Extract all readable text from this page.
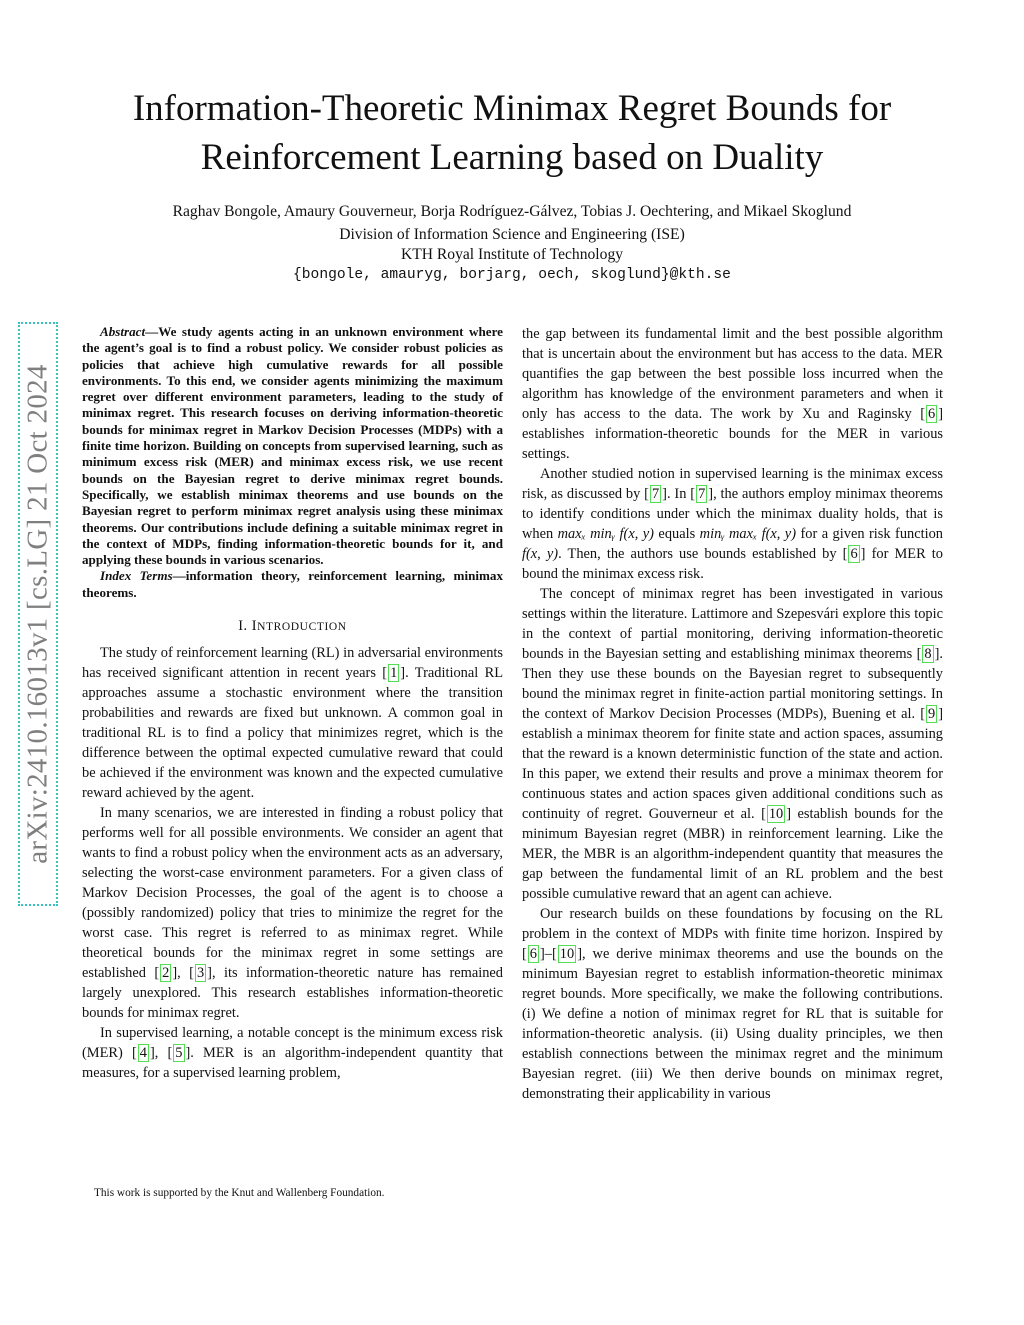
Information-Theoretic Minimax Regret Bounds for Reinforcement Learning based on Duality
Raghav Bongole, Amaury Gouverneur, Borja Rodríguez-Gálvez, Tobias J. Oechtering, and Mikael Skoglund
Division of Information Science and Engineering (ISE)
KTH Royal Institute of Technology
{bongole, amauryg, borjarg, oech, skoglund}@kth.se
arXiv:2410.16013v1 [cs.LG] 21 Oct 2024
Abstract—We study agents acting in an unknown environment where the agent’s goal is to find a robust policy. We consider robust policies as policies that achieve high cumulative rewards for all possible environments. To this end, we consider agents minimizing the maximum regret over different environment parameters, leading to the study of minimax regret. This research focuses on deriving information-theoretic bounds for minimax regret in Markov Decision Processes (MDPs) with a finite time horizon. Building on concepts from supervised learning, such as minimum excess risk (MER) and minimax excess risk, we use recent bounds on the Bayesian regret to derive minimax regret bounds. Specifically, we establish minimax theorems and use bounds on the Bayesian regret to perform minimax regret analysis using these minimax theorems. Our contributions include defining a suitable minimax regret in the context of MDPs, finding information-theoretic bounds for it, and applying these bounds in various scenarios.
Index Terms—information theory, reinforcement learning, minimax theorems.
I. INTRODUCTION

The study of reinforcement learning (RL) in adversarial environments has received significant attention in recent years [ 1 ]. Traditional RL approaches assume a stochastic environment where the transition probabilities and rewards are fixed but unknown. A common goal in traditional RL is to find a policy that minimizes regret, which is the difference between the optimal expected cumulative reward that could be achieved if the environment was known and the expected cumulative reward achieved by the agent.

In many scenarios, we are interested in finding a robust policy that performs well for all possible environments. We consider an agent that wants to find a robust policy when the environment acts as an adversary, selecting the worst-case environment parameters. For a given class of Markov Decision Processes, the goal of the agent is to choose a (possibly randomized) policy that tries to minimize the regret for the worst case. This regret is referred to as minimax regret. While theoretical bounds for the minimax regret in some settings are established [ 2 ], [ 3 ], its information-theoretic nature has remained largely unexplored. This research establishes information-theoretic bounds for minimax regret.

In supervised learning, a notable concept is the minimum excess risk (MER) [ 4 ], [ 5 ]. MER is an algorithm-independent quantity that measures, for a supervised learning problem,

This work is supported by the Knut and Wallenberg Foundation.

the gap between its fundamental limit and the best possible algorithm that is uncertain about the environment but has access to the data. MER quantifies the gap between the best possible loss incurred when the algorithm has knowledge of the environment parameters and when it only has access to the data. The work by Xu and Raginsky [ 6 ] establishes information-theoretic bounds for the MER in various settings.

Another studied notion in supervised learning is the minimax excess risk, as discussed by [ 7 ]. In [ 7 ], the authors employ minimax theorems to identify conditions under which the minimax duality holds, that is when maxₓ minᵧ f(x, y) equals minᵧ maxₓ f(x, y) for a given risk function f(x, y). Then, the authors use bounds established by [ 6 ] for MER to bound the minimax excess risk.

The concept of minimax regret has been investigated in various settings within the literature. Lattimore and Szepesvári explore this topic in the context of partial monitoring, deriving information-theoretic bounds in the Bayesian setting and establishing minimax theorems [ 8 ]. Then they use these bounds on the Bayesian regret to subsequently bound the minimax regret in finite-action partial monitoring settings. In the context of Markov Decision Processes (MDPs), Buening et al. [ 9 ] establish a minimax theorem for finite state and action spaces, assuming that the reward is a known deterministic function of the state and action. In this paper, we extend their results and prove a minimax theorem for continuous states and action spaces given additional conditions such as continuity of regret. Gouverneur et al. [ 10 ] establish bounds for the minimum Bayesian regret (MBR) in reinforcement learning. Like the MER, the MBR is an algorithm-independent quantity that measures the gap between the fundamental limit of an RL problem and the best possible cumulative reward that an agent can achieve.

Our research builds on these foundations by focusing on the RL problem in the context of MDPs with finite time horizon. Inspired by [ 6 ]–[ 10 ], we derive minimax theorems and use the bounds on the minimum Bayesian regret to establish information-theoretic minimax regret bounds. More specifically, we make the following contributions. (i) We define a notion of minimax regret for RL that is suitable for information-theoretic analysis. (ii) Using duality principles, we then establish connections between the minimax regret and the minimum Bayesian regret. (iii) We then derive bounds on minimax regret, demonstrating their applicability in various
